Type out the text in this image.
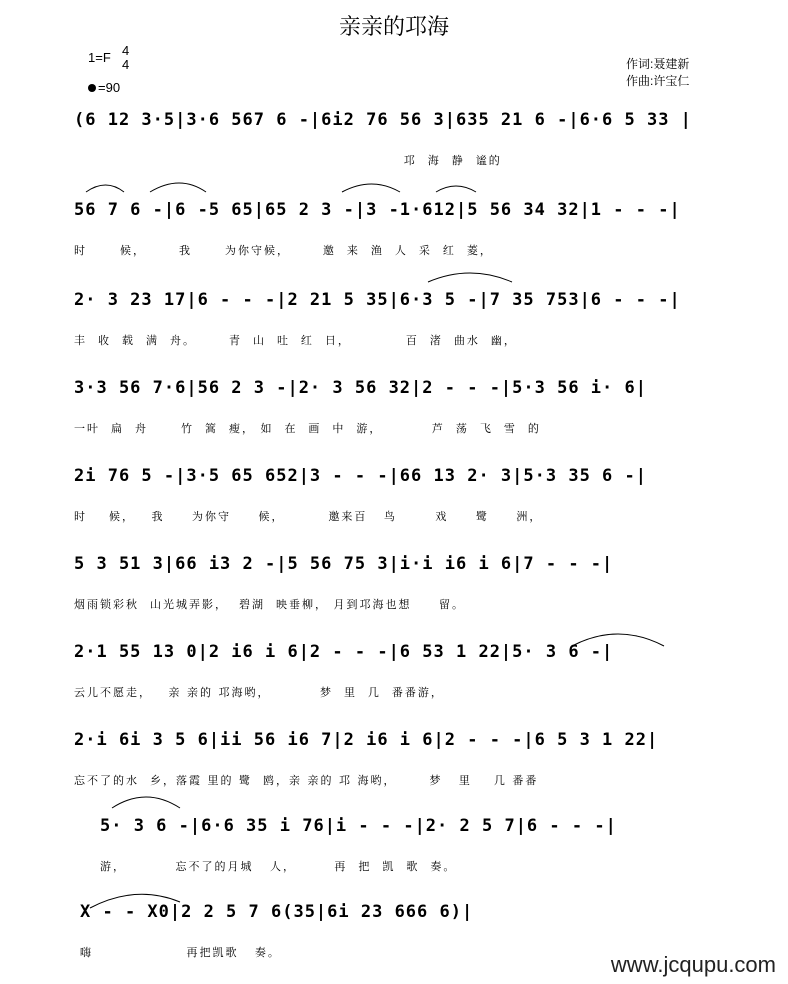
亲亲的邛海
1=F 4
4
=90
作词:聂建新
作曲:许宝仁
(6 12 3·5|3·6 567 6 -|6i2 76 56 3|635 21 6 -|6·6 5 33 |
邛  海  静  谧的
56 7 6 -|6 -5 65|65 2 3 -|3 -1·612|5 56 34 32|1 - - -|
时      候，      我      为你守候，      邀  来  渔  人  采  红  菱，
2· 3 23 17|6 - - -|2 21 5 35|6·3 5 -|7 35 753|6 - - -|
丰  收  载  满  舟。      青  山  吐  红  日，          百  渚  曲水  幽，
3·3 56 7·6|56 2 3 -|2· 3 56 32|2 - - -|5·3 56 i· 6|
一叶  扁  舟      竹  篙  瘦， 如  在  画  中  游，         芦  荡  飞  雪  的
2i 76 5 -|3·5 65 652|3 - - -|66 13 2· 3|5·3 35 6 -|
时    候，   我     为你守     候，        邀来百   鸟       戏     鹭     洲，
5 3 51 3|66 i3 2 -|5 56 75 3|i·i i6 i 6|7 - - -|
烟雨锁彩秋  山光城弄影，  碧湖  映垂柳， 月到邛海也想     留。
2·1 55 13 0|2 i6 i 6|2 - - -|6 53 1 22|5· 3 6 -|
云儿不愿走，   亲 亲的 邛海哟，         梦  里  几  番番游，
2·i 6i 3 5 6|ii 56 i6 7|2 i6 i 6|2 - - -|6 5 3 1 22|
忘不了的水  乡，落霞 里的 鹭  鸥，亲 亲的 邛 海哟，      梦   里    几 番番
5· 3 6 -|6·6 35 i 76|i - - -|2· 2 5 7|6 - - -|
游，         忘不了的月城   人，       再  把  凯  歌  奏。
X - - X0|2 2 5 7 6(35|6i 23 666 6)|
嗨                 再把凯歌   奏。	www.jcqupu.com
